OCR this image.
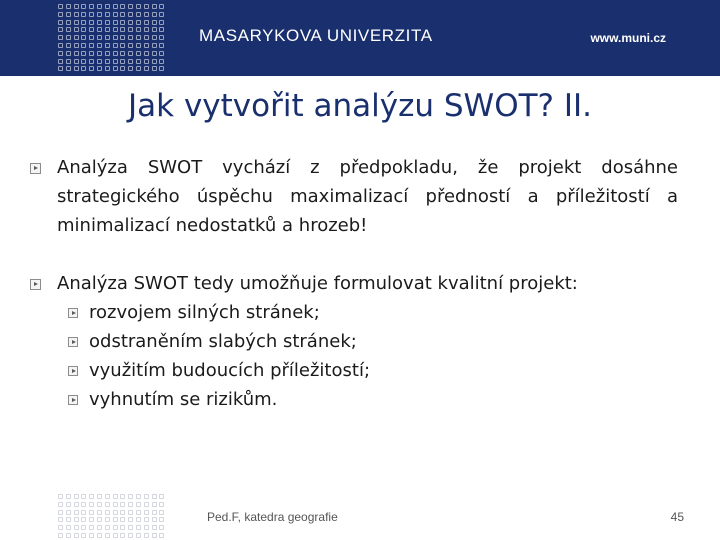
MASARYKOVA UNIVERZITA	www.muni.cz
Jak vytvořit analýzu SWOT? II.
Analýza SWOT vychází z předpokladu, že projekt dosáhne strategického úspěchu maximalizací předností a příležitostí a minimalizací nedostatků a hrozeb!
Analýza SWOT tedy umožňuje formulovat kvalitní projekt:
rozvojem silných stránek;
odstraněním slabých stránek;
využitím budoucích příležitostí;
vyhnutím se rizikům.
Ped.F, katedra geografie	45
